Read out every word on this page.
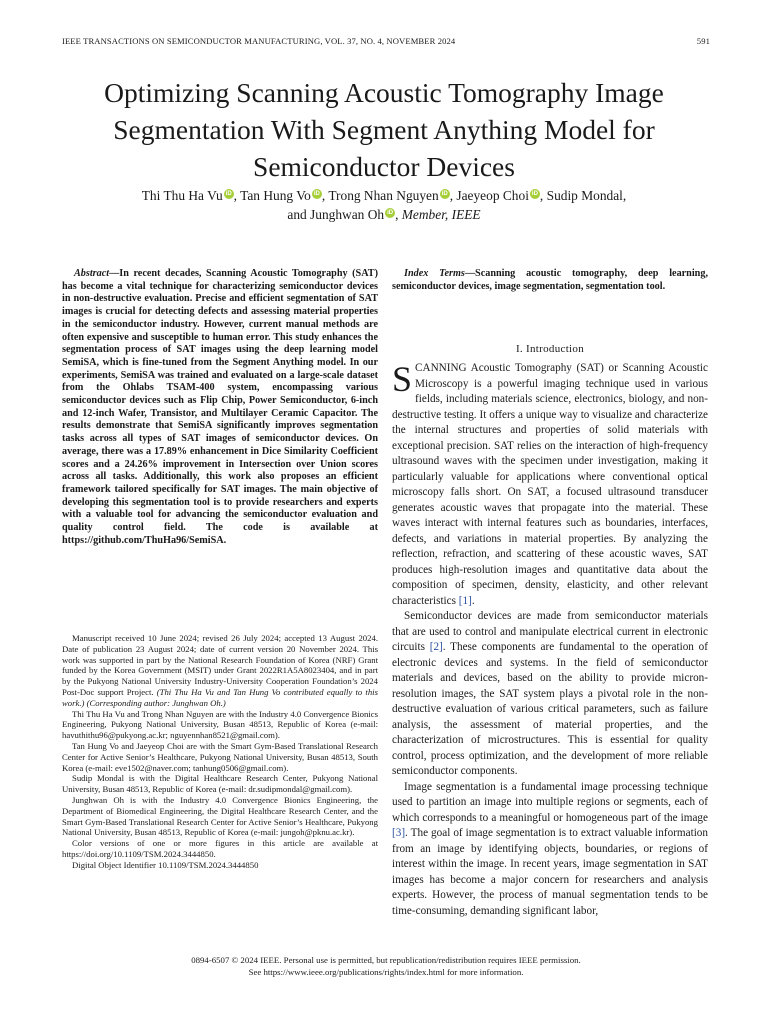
IEEE TRANSACTIONS ON SEMICONDUCTOR MANUFACTURING, VOL. 37, NO. 4, NOVEMBER 2024	591
Optimizing Scanning Acoustic Tomography Image Segmentation With Segment Anything Model for Semiconductor Devices
Thi Thu Ha Vu iD , Tan Hung Vo iD , Trong Nhan Nguyen iD , Jaeyeop Choi iD , Sudip Mondal,
and Junghwan Oh iD , Member, IEEE

Abstract—In recent decades, Scanning Acoustic Tomography (SAT) has become a vital technique for characterizing semiconductor devices in non-destructive evaluation. Precise and efficient segmentation of SAT images is crucial for detecting defects and assessing material properties in the semiconductor industry. However, current manual methods are often expensive and susceptible to human error. This study enhances the segmentation process of SAT images using the deep learning model SemiSA, which is fine-tuned from the Segment Anything model. In our experiments, SemiSA was trained and evaluated on a large-scale dataset from the Ohlabs TSAM-400 system, encompassing various semiconductor devices such as Flip Chip, Power Semiconductor, 6-inch and 12-inch Wafer, Transistor, and Multilayer Ceramic Capacitor. The results demonstrate that SemiSA significantly improves segmentation tasks across all types of SAT images of semiconductor devices. On average, there was a 17.89% enhancement in Dice Similarity Coefficient scores and a 24.26% improvement in Intersection over Union scores across all tasks. Additionally, this work also proposes an efficient framework tailored specifically for SAT images. The main objective of developing this segmentation tool is to provide researchers and experts with a valuable tool for advancing the semiconductor evaluation and quality control field. The code is available at https://github.com/ThuHa96/SemiSA.

Index Terms—Scanning acoustic tomography, deep learning, semiconductor devices, image segmentation, segmentation tool.

Manuscript received 10 June 2024; revised 26 July 2024; accepted 13 August 2024. Date of publication 23 August 2024; date of current version 20 November 2024. This work was supported in part by the National Research Foundation of Korea (NRF) Grant funded by the Korea Government (MSIT) under Grant 2022R1A5A8023404, and in part by the Pukyong National University Industry-University Cooperation Foundation’s 2024 Post-Doc support Project. (Thi Thu Ha Vu and Tan Hung Vo contributed equally to this work.) (Corresponding author: Junghwan Oh.)

Thi Thu Ha Vu and Trong Nhan Nguyen are with the Industry 4.0 Convergence Bionics Engineering, Pukyong National University, Busan 48513, Republic of Korea (e-mail: havuthithu96@pukyong.ac.kr; nguyennhan8521@gmail.com).

Tan Hung Vo and Jaeyeop Choi are with the Smart Gym-Based Translational Research Center for Active Senior’s Healthcare, Pukyong National University, Busan 48513, South Korea (e-mail: eve1502@naver.com; tanhung0506@gmail.com).

Sudip Mondal is with the Digital Healthcare Research Center, Pukyong National University, Busan 48513, Republic of Korea (e-mail: dr.sudipmondal@gmail.com).

Junghwan Oh is with the Industry 4.0 Convergence Bionics Engineering, the Department of Biomedical Engineering, the Digital Healthcare Research Center, and the Smart Gym-Based Translational Research Center for Active Senior’s Healthcare, Pukyong National University, Busan 48513, Republic of Korea (e-mail: jungoh@pknu.ac.kr).

Color versions of one or more figures in this article are available at https://doi.org/10.1109/TSM.2024.3444850.

Digital Object Identifier 10.1109/TSM.2024.3444850

I. Introduction

SCANNING Acoustic Tomography (SAT) or Scanning Acoustic Microscopy is a powerful imaging technique used in various fields, including materials science, electronics, biology, and non-destructive testing. It offers a unique way to visualize and characterize the internal structures and properties of solid materials with exceptional precision. SAT relies on the interaction of high-frequency ultrasound waves with the specimen under investigation, making it particularly valuable for applications where conventional optical microscopy falls short. On SAT, a focused ultrasound transducer generates acoustic waves that propagate into the material. These waves interact with internal features such as boundaries, interfaces, defects, and variations in material properties. By analyzing the reflection, refraction, and scattering of these acoustic waves, SAT produces high-resolution images and quantitative data about the composition of specimen, density, elasticity, and other relevant characteristics [1].

Semiconductor devices are made from semiconductor materials that are used to control and manipulate electrical current in electronic circuits [2]. These components are fundamental to the operation of electronic devices and systems. In the field of semiconductor materials and devices, based on the ability to provide micron-resolution images, the SAT system plays a pivotal role in the non-destructive evaluation of various critical parameters, such as failure analysis, the assessment of material properties, and the characterization of microstructures. This is essential for quality control, process optimization, and the development of more reliable semiconductor components.

Image segmentation is a fundamental image processing technique used to partition an image into multiple regions or segments, each of which corresponds to a meaningful or homogeneous part of the image [3]. The goal of image segmentation is to extract valuable information from an image by identifying objects, boundaries, or regions of interest within the image. In recent years, image segmentation in SAT images has become a major concern for researchers and analysis experts. However, the process of manual segmentation tends to be time-consuming, demanding significant labor,

0894-6507 © 2024 IEEE. Personal use is permitted, but republication/redistribution requires IEEE permission.
See https://www.ieee.org/publications/rights/index.html for more information.
